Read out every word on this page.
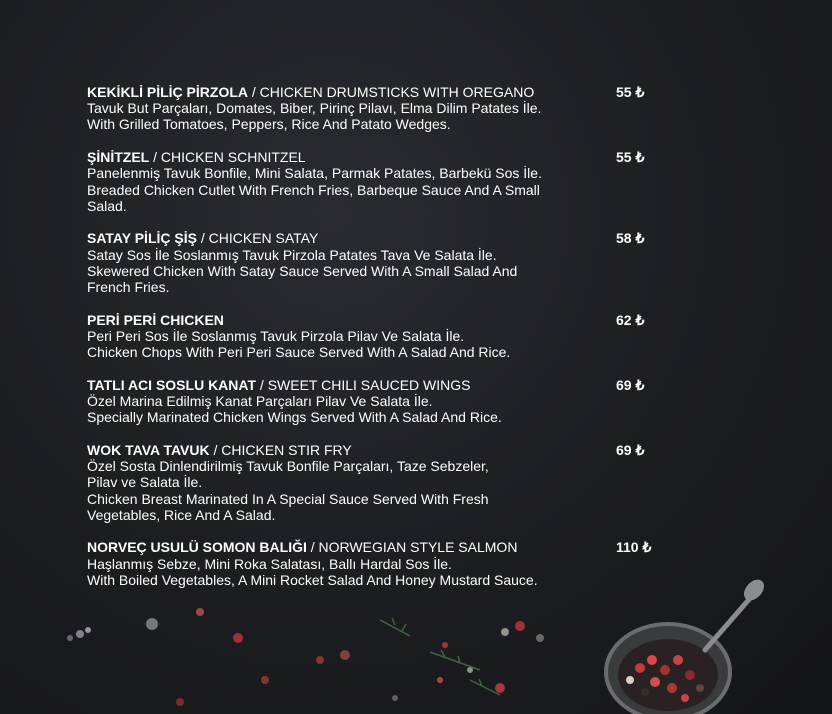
KEKİKLİ PİLİÇ PİRZOLA / CHICKEN DRUMSTICKS WITH OREGANO
Tavuk But Parçaları, Domates, Biber, Pirinç Pilavı, Elma Dilim Patates İle.
With Grilled Tomatoes, Peppers, Rice And Patato Wedges.
55 ₺
ŞİNİTZEL / CHICKEN SCHNITZEL
Panelenmiş Tavuk Bonfile, Mini Salata, Parmak Patates, Barbekü Sos İle.
Breaded Chicken Cutlet With French Fries, Barbeque Sauce And A Small Salad.
55 ₺
SATAY PİLİÇ ŞİŞ / CHICKEN SATAY
Satay Sos İle Soslanmış Tavuk Pirzola Patates Tava Ve Salata İle.
Skewered Chicken With Satay Sauce Served With A Small Salad And French Fries.
58 ₺
PERİ PERİ CHICKEN
Peri Peri Sos İle Soslanmış Tavuk Pirzola Pilav Ve Salata İle.
Chicken Chops With Peri Peri Sauce Served With A Salad And Rice.
62 ₺
TATLI ACI SOSLU KANAT / SWEET CHILI SAUCED WINGS
Özel Marina Edilmiş Kanat Parçaları Pilav Ve Salata İle.
Specially Marinated Chicken Wings Served With A Salad And Rice.
69 ₺
WOK TAVA TAVUK / CHICKEN STIR FRY
Özel Sosta Dinlendirilmiş Tavuk Bonfile Parçaları, Taze Sebzeler, Pilav ve Salata İle.
Chicken Breast Marinated In A Special Sauce Served With Fresh Vegetables, Rice And A Salad.
69 ₺
NORVEÇ USULÜ SOMON BALIĞI / NORWEGIAN STYLE SALMON
Haşlanmış Sebze, Mini Roka Salatası, Ballı Hardal Sos İle.
With Boiled Vegetables, A Mini Rocket Salad And Honey Mustard Sauce.
110 ₺
